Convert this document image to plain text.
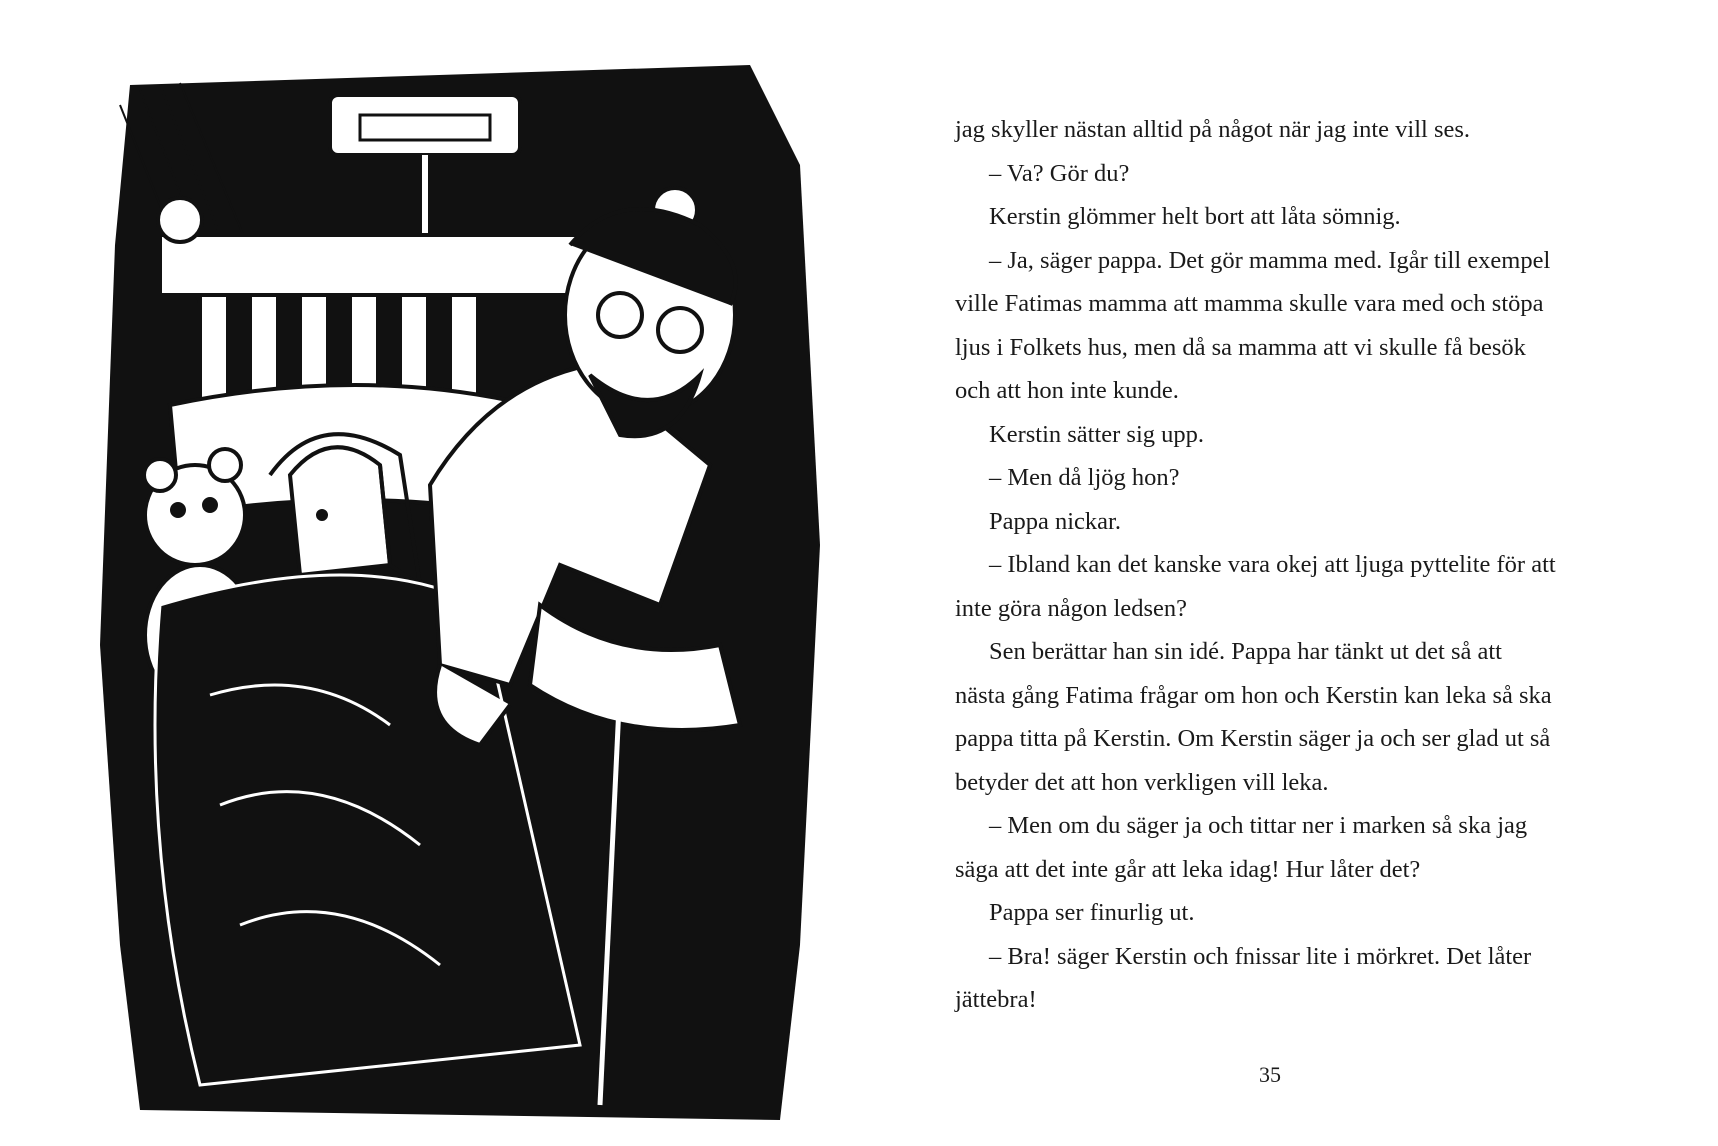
jag skyller nästan alltid på något när jag inte vill ses.

– Va? Gör du?

Kerstin glömmer helt bort att låta sömnig.

– Ja, säger pappa. Det gör mamma med. Igår till exempel

ville Fatimas mamma att mamma skulle vara med och stöpa

ljus i Folkets hus, men då sa mamma att vi skulle få besök

och att hon inte kunde.

Kerstin sätter sig upp.

– Men då ljög hon?

Pappa nickar.

– Ibland kan det kanske vara okej att ljuga pyttelite för att

inte göra någon ledsen?

Sen berättar han sin idé. Pappa har tänkt ut det så att

nästa gång Fatima frågar om hon och Kerstin kan leka så ska

pappa titta på Kerstin. Om Kerstin säger ja och ser glad ut så

betyder det att hon verkligen vill leka.

– Men om du säger ja och tittar ner i marken så ska jag

säga att det inte går att leka idag! Hur låter det?

Pappa ser finurlig ut.

– Bra! säger Kerstin och fnissar lite i mörkret. Det låter

jättebra!

35
